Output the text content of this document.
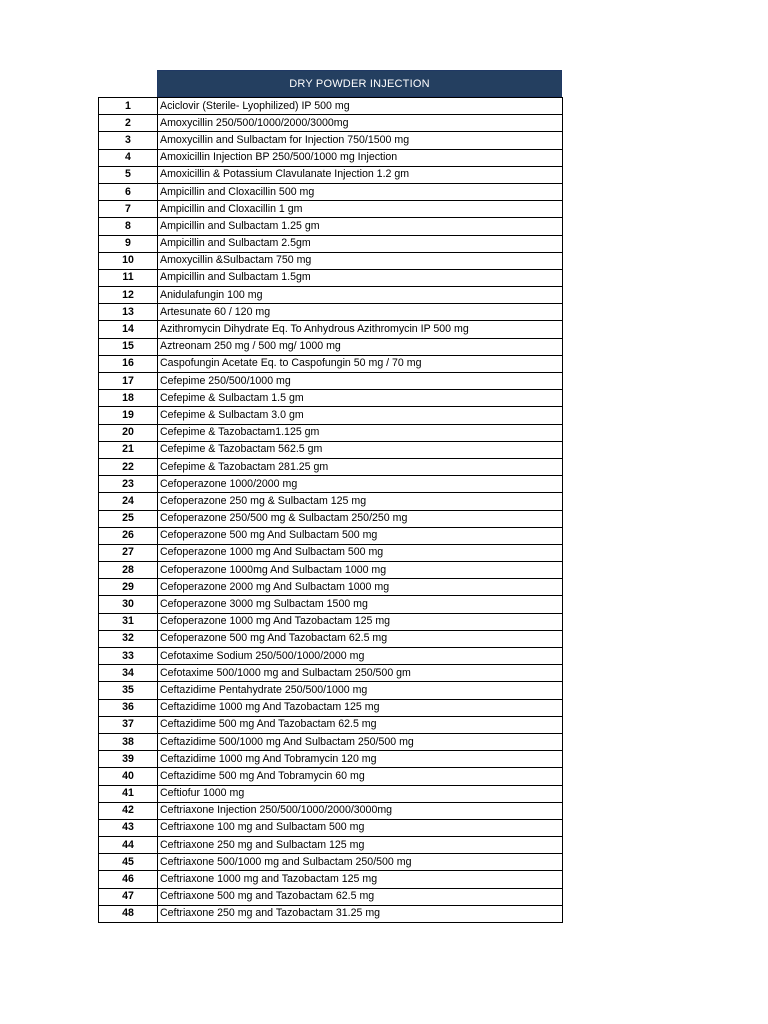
DRY POWDER INJECTION
1	Aciclovir (Sterile- Lyophilized) IP 500 mg
2	Amoxycillin 250/500/1000/2000/3000mg
3	Amoxycillin and Sulbactam for Injection 750/1500 mg
4	Amoxicillin Injection BP 250/500/1000 mg Injection
5	Amoxicillin & Potassium Clavulanate Injection 1.2 gm
6	Ampicillin and Cloxacillin 500 mg
7	Ampicillin and Cloxacillin 1 gm
8	Ampicillin and Sulbactam 1.25 gm
9	Ampicillin and Sulbactam 2.5gm
10	Amoxycillin &Sulbactam 750 mg
11	Ampicillin and Sulbactam 1.5gm
12	Anidulafungin 100 mg
13	Artesunate 60 / 120 mg
14	Azithromycin Dihydrate Eq. To Anhydrous Azithromycin IP 500 mg
15	Aztreonam 250 mg / 500 mg/ 1000 mg
16	Caspofungin Acetate Eq. to Caspofungin 50 mg / 70 mg
17	Cefepime 250/500/1000 mg
18	Cefepime & Sulbactam 1.5 gm
19	Cefepime & Sulbactam 3.0 gm
20	Cefepime & Tazobactam1.125 gm
21	Cefepime & Tazobactam 562.5 gm
22	Cefepime & Tazobactam 281.25 gm
23	Cefoperazone 1000/2000 mg
24	Cefoperazone 250 mg & Sulbactam 125 mg
25	Cefoperazone 250/500 mg & Sulbactam 250/250 mg
26	Cefoperazone 500 mg And Sulbactam 500 mg
27	Cefoperazone 1000 mg And Sulbactam 500 mg
28	Cefoperazone 1000mg And Sulbactam 1000 mg
29	Cefoperazone 2000 mg And Sulbactam 1000 mg
30	Cefoperazone 3000 mg Sulbactam 1500 mg
31	Cefoperazone 1000 mg And Tazobactam 125 mg
32	Cefoperazone 500 mg And Tazobactam 62.5 mg
33	Cefotaxime Sodium 250/500/1000/2000 mg
34	Cefotaxime 500/1000 mg and Sulbactam 250/500 gm
35	Ceftazidime Pentahydrate 250/500/1000 mg
36	Ceftazidime 1000 mg And Tazobactam 125 mg
37	Ceftazidime 500 mg And Tazobactam 62.5 mg
38	Ceftazidime 500/1000 mg And Sulbactam 250/500 mg
39	Ceftazidime 1000 mg And Tobramycin 120 mg
40	Ceftazidime 500 mg And Tobramycin 60 mg
41	Ceftiofur 1000 mg
42	Ceftriaxone Injection 250/500/1000/2000/3000mg
43	Ceftriaxone 100 mg and Sulbactam 500 mg
44	Ceftriaxone 250 mg and Sulbactam 125 mg
45	Ceftriaxone 500/1000 mg and Sulbactam 250/500 mg
46	Ceftriaxone 1000 mg and Tazobactam 125 mg
47	Ceftriaxone 500 mg and Tazobactam 62.5 mg
48	Ceftriaxone 250 mg and Tazobactam 31.25 mg
